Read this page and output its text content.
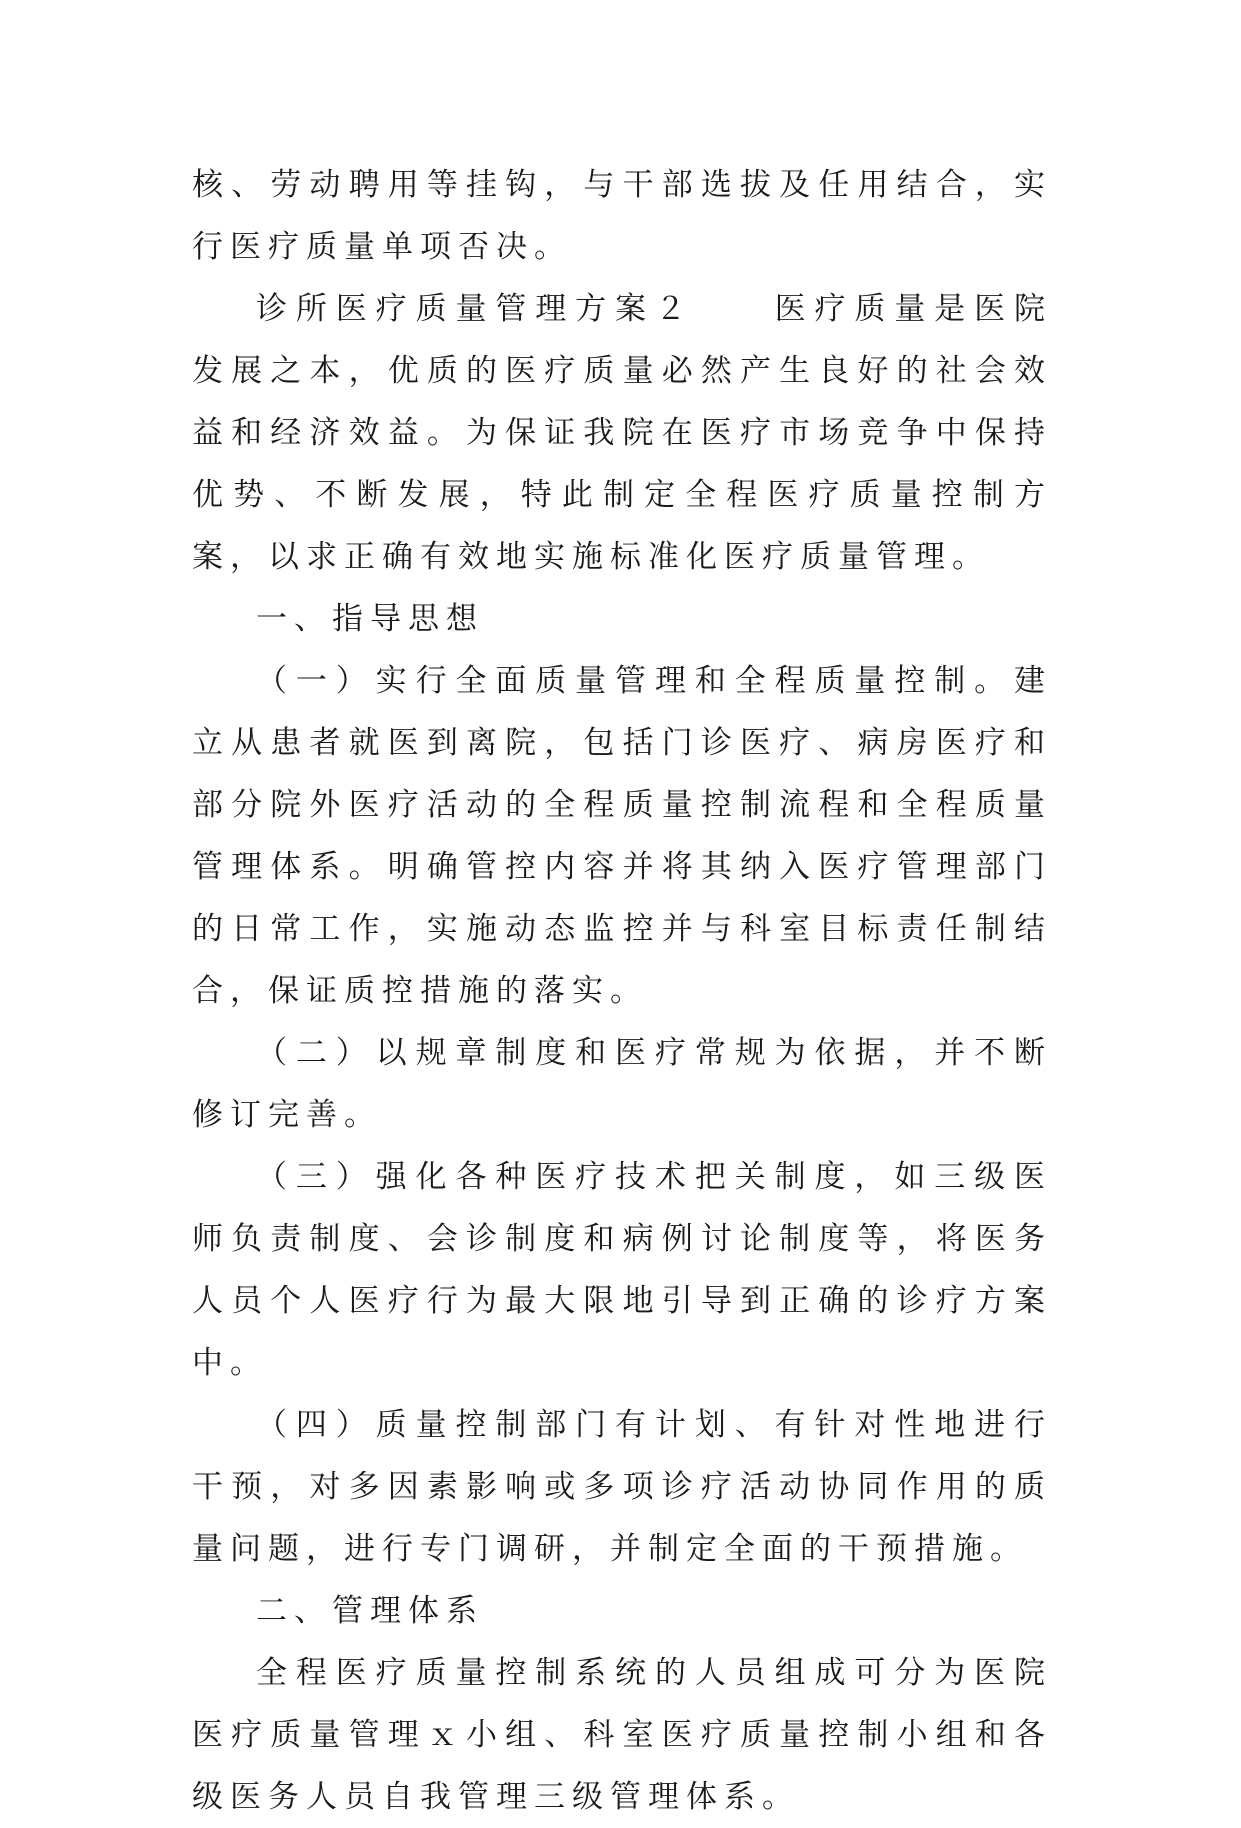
核、劳动聘用等挂钩，与干部选拔及任用结合，实行医疗质量单项否决。

诊所医疗质量管理方案２　　医疗质量是医院发展之本，优质的医疗质量必然产生良好的社会效益和经济效益。为保证我院在医疗市场竞争中保持优势、不断发展，特此制定全程医疗质量控制方案，以求正确有效地实施标准化医疗质量管理。

一、指导思想

（一）实行全面质量管理和全程质量控制。建立从患者就医到离院，包括门诊医疗、病房医疗和部分院外医疗活动的全程质量控制流程和全程质量管理体系。明确管控内容并将其纳入医疗管理部门的日常工作，实施动态监控并与科室目标责任制结合，保证质控措施的落实。

（二）以规章制度和医疗常规为依据，并不断修订完善。

（三）强化各种医疗技术把关制度，如三级医师负责制度、会诊制度和病例讨论制度等，将医务人员个人医疗行为最大限地引导到正确的诊疗方案中。

（四）质量控制部门有计划、有针对性地进行干预，对多因素影响或多项诊疗活动协同作用的质量问题，进行专门调研，并制定全面的干预措施。

二、管理体系

全程医疗质量控制系统的人员组成可分为医院医疗质量管理ｘ小组、科室医疗质量控制小组和各级医务人员自我管理三级管理体系。
